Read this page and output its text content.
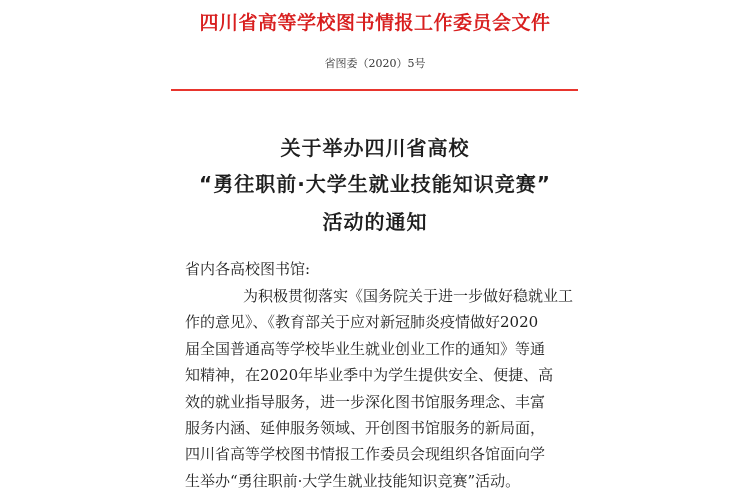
四川省高等学校图书情报工作委员会文件
省图委（2020）5号
关于举办四川省高校
“勇往职前·大学生就业技能知识竞赛”
活动的通知
省内各高校图书馆:
为积极贯彻落实《国务院关于进一步做好稳就业工
作的意见》、《教育部关于应对新冠肺炎疫情做好2020
届全国普通高等学校毕业生就业创业工作的通知》等通
知精神，在2020年毕业季中为学生提供安全、便捷、高
效的就业指导服务，进一步深化图书馆服务理念、丰富
服务内涵、延伸服务领域、开创图书馆服务的新局面，
四川省高等学校图书情报工作委员会现组织各馆面向学
生举办“勇往职前·大学生就业技能知识竞赛”活动。
